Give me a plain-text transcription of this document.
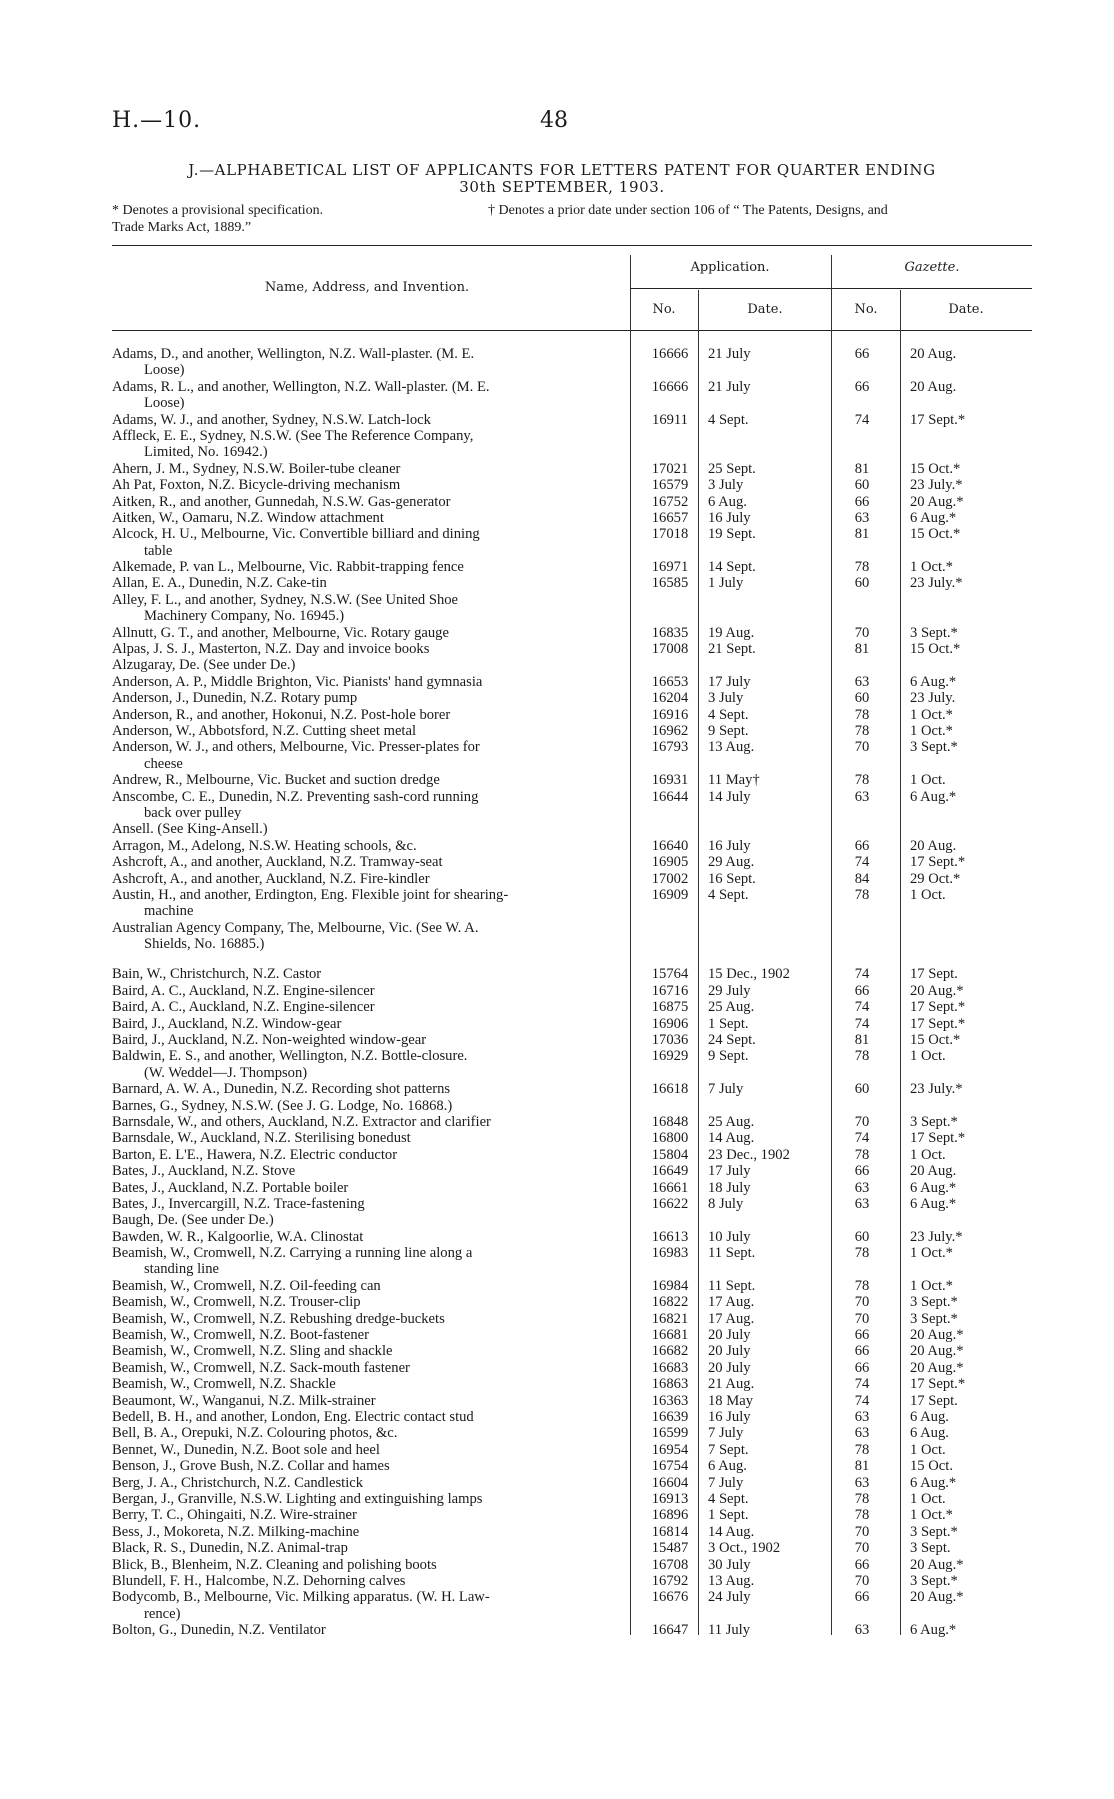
H.—10.	48
J.—ALPHABETICAL LIST OF APPLICANTS FOR LETTERS PATENT FOR QUARTER ENDING
30th SEPTEMBER, 1903.
* Denotes a provisional specification.	† Denotes a prior date under section 106 of “ The Patents, Designs, and
Trade Marks Act, 1889.”
Name, Address, and Invention.
Application.	Gazette.
No.	Date.	No.	Date.
Adams, D., and another, Wellington, N.Z. Wall-plaster. (M. E.	16666	21 July	66	20 Aug.
Loose)
Adams, R. L., and another, Wellington, N.Z. Wall-plaster. (M. E.	16666	21 July	66	20 Aug.
Loose)
Adams, W. J., and another, Sydney, N.S.W. Latch-lock	16911	4 Sept.	74	17 Sept.*
Affleck, E. E., Sydney, N.S.W. (See The Reference Company,
Limited, No. 16942.)
Ahern, J. M., Sydney, N.S.W. Boiler-tube cleaner	17021	25 Sept.	81	15 Oct.*
Ah Pat, Foxton, N.Z. Bicycle-driving mechanism	16579	3 July	60	23 July.*
Aitken, R., and another, Gunnedah, N.S.W. Gas-generator	16752	6 Aug.	66	20 Aug.*
Aitken, W., Oamaru, N.Z. Window attachment	16657	16 July	63	6 Aug.*
Alcock, H. U., Melbourne, Vic. Convertible billiard and dining	17018	19 Sept.	81	15 Oct.*
table
Alkemade, P. van L., Melbourne, Vic. Rabbit-trapping fence	16971	14 Sept.	78	1 Oct.*
Allan, E. A., Dunedin, N.Z. Cake-tin	16585	1 July	60	23 July.*
Alley, F. L., and another, Sydney, N.S.W. (See United Shoe
Machinery Company, No. 16945.)
Allnutt, G. T., and another, Melbourne, Vic. Rotary gauge	16835	19 Aug.	70	3 Sept.*
Alpas, J. S. J., Masterton, N.Z. Day and invoice books	17008	21 Sept.	81	15 Oct.*
Alzugaray, De. (See under De.)
Anderson, A. P., Middle Brighton, Vic. Pianists' hand gymnasia	16653	17 July	63	6 Aug.*
Anderson, J., Dunedin, N.Z. Rotary pump	16204	3 July	60	23 July.
Anderson, R., and another, Hokonui, N.Z. Post-hole borer	16916	4 Sept.	78	1 Oct.*
Anderson, W., Abbotsford, N.Z. Cutting sheet metal	16962	9 Sept.	78	1 Oct.*
Anderson, W. J., and others, Melbourne, Vic. Presser-plates for	16793	13 Aug.	70	3 Sept.*
cheese
Andrew, R., Melbourne, Vic. Bucket and suction dredge	16931	11 May†	78	1 Oct.
Anscombe, C. E., Dunedin, N.Z. Preventing sash-cord running	16644	14 July	63	6 Aug.*
back over pulley
Ansell. (See King-Ansell.)
Arragon, M., Adelong, N.S.W. Heating schools, &c.	16640	16 July	66	20 Aug.
Ashcroft, A., and another, Auckland, N.Z. Tramway-seat	16905	29 Aug.	74	17 Sept.*
Ashcroft, A., and another, Auckland, N.Z. Fire-kindler	17002	16 Sept.	84	29 Oct.*
Austin, H., and another, Erdington, Eng. Flexible joint for shearing-	16909	4 Sept.	78	1 Oct.
machine
Australian Agency Company, The, Melbourne, Vic. (See W. A.
Shields, No. 16885.)
Bain, W., Christchurch, N.Z. Castor	15764	15 Dec., 1902	74	17 Sept.
Baird, A. C., Auckland, N.Z. Engine-silencer	16716	29 July	66	20 Aug.*
Baird, A. C., Auckland, N.Z. Engine-silencer	16875	25 Aug.	74	17 Sept.*
Baird, J., Auckland, N.Z. Window-gear	16906	1 Sept.	74	17 Sept.*
Baird, J., Auckland, N.Z. Non-weighted window-gear	17036	24 Sept.	81	15 Oct.*
Baldwin, E. S., and another, Wellington, N.Z. Bottle-closure.	16929	9 Sept.	78	1 Oct.
(W. Weddel—J. Thompson)
Barnard, A. W. A., Dunedin, N.Z. Recording shot patterns	16618	7 July	60	23 July.*
Barnes, G., Sydney, N.S.W. (See J. G. Lodge, No. 16868.)
Barnsdale, W., and others, Auckland, N.Z. Extractor and clarifier	16848	25 Aug.	70	3 Sept.*
Barnsdale, W., Auckland, N.Z. Sterilising bonedust	16800	14 Aug.	74	17 Sept.*
Barton, E. L'E., Hawera, N.Z. Electric conductor	15804	23 Dec., 1902	78	1 Oct.
Bates, J., Auckland, N.Z. Stove	16649	17 July	66	20 Aug.
Bates, J., Auckland, N.Z. Portable boiler	16661	18 July	63	6 Aug.*
Bates, J., Invercargill, N.Z. Trace-fastening	16622	8 July	63	6 Aug.*
Baugh, De. (See under De.)
Bawden, W. R., Kalgoorlie, W.A. Clinostat	16613	10 July	60	23 July.*
Beamish, W., Cromwell, N.Z. Carrying a running line along a	16983	11 Sept.	78	1 Oct.*
standing line
Beamish, W., Cromwell, N.Z. Oil-feeding can	16984	11 Sept.	78	1 Oct.*
Beamish, W., Cromwell, N.Z. Trouser-clip	16822	17 Aug.	70	3 Sept.*
Beamish, W., Cromwell, N.Z. Rebushing dredge-buckets	16821	17 Aug.	70	3 Sept.*
Beamish, W., Cromwell, N.Z. Boot-fastener	16681	20 July	66	20 Aug.*
Beamish, W., Cromwell, N.Z. Sling and shackle	16682	20 July	66	20 Aug.*
Beamish, W., Cromwell, N.Z. Sack-mouth fastener	16683	20 July	66	20 Aug.*
Beamish, W., Cromwell, N.Z. Shackle	16863	21 Aug.	74	17 Sept.*
Beaumont, W., Wanganui, N.Z. Milk-strainer	16363	18 May	74	17 Sept.
Bedell, B. H., and another, London, Eng. Electric contact stud	16639	16 July	63	6 Aug.
Bell, B. A., Orepuki, N.Z. Colouring photos, &c.	16599	7 July	63	6 Aug.
Bennet, W., Dunedin, N.Z. Boot sole and heel	16954	7 Sept.	78	1 Oct.
Benson, J., Grove Bush, N.Z. Collar and hames	16754	6 Aug.	81	15 Oct.
Berg, J. A., Christchurch, N.Z. Candlestick	16604	7 July	63	6 Aug.*
Bergan, J., Granville, N.S.W. Lighting and extinguishing lamps	16913	4 Sept.	78	1 Oct.
Berry, T. C., Ohingaiti, N.Z. Wire-strainer	16896	1 Sept.	78	1 Oct.*
Bess, J., Mokoreta, N.Z. Milking-machine	16814	14 Aug.	70	3 Sept.*
Black, R. S., Dunedin, N.Z. Animal-trap	15487	3 Oct., 1902	70	3 Sept.
Blick, B., Blenheim, N.Z. Cleaning and polishing boots	16708	30 July	66	20 Aug.*
Blundell, F. H., Halcombe, N.Z. Dehorning calves	16792	13 Aug.	70	3 Sept.*
Bodycomb, B., Melbourne, Vic. Milking apparatus. (W. H. Law-	16676	24 July	66	20 Aug.*
rence)
Bolton, G., Dunedin, N.Z. Ventilator	16647	11 July	63	6 Aug.*
